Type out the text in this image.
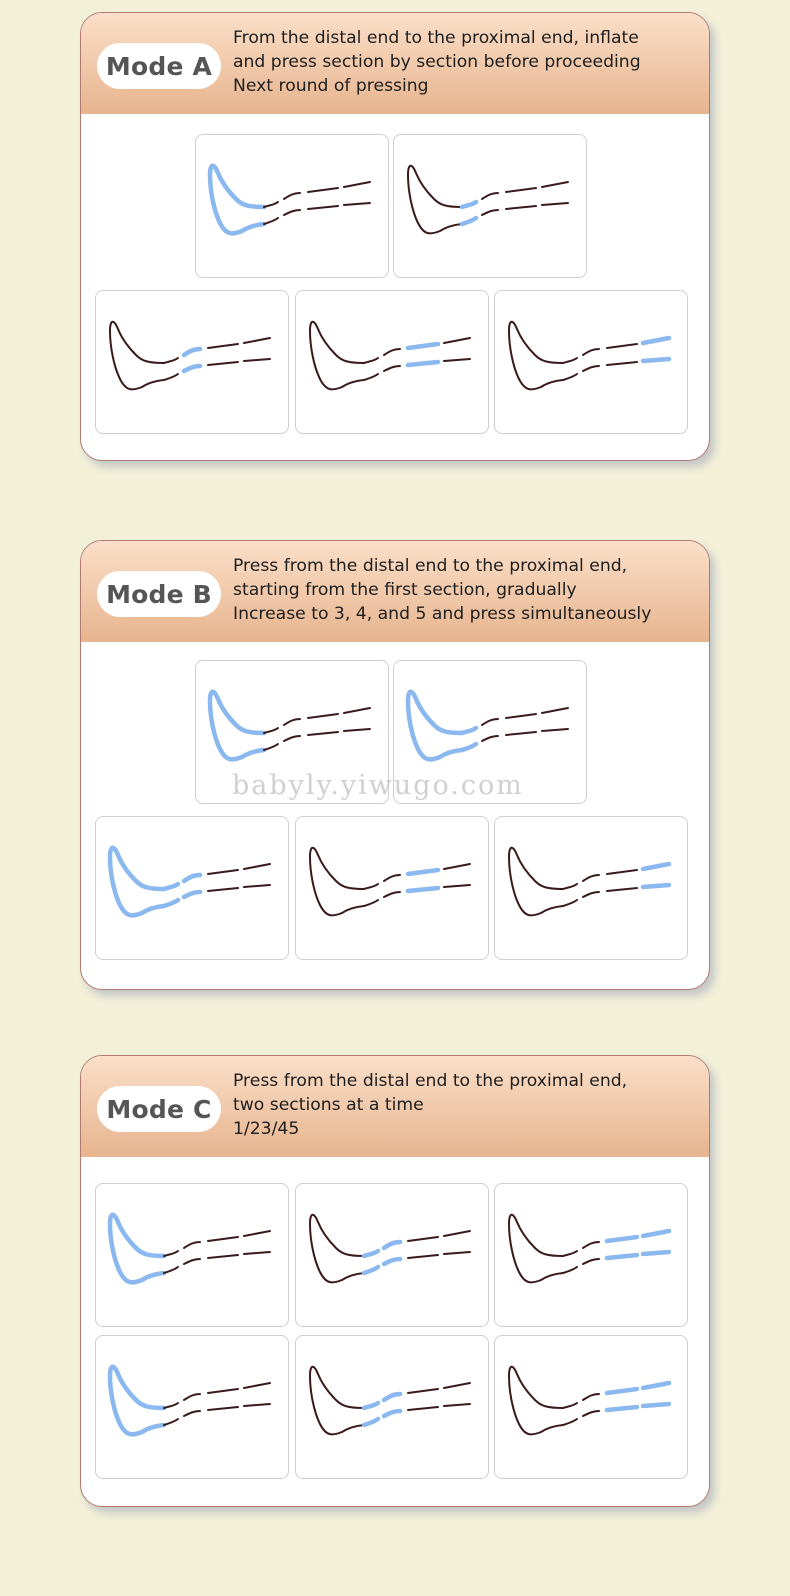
Mode A
From the distal end to the proximal end, inflate
and press section by section before proceeding
Next round of pressing
Mode B
Press from the distal end to the proximal end,
starting from the first section, gradually
Increase to 3, 4, and 5 and press simultaneously
Mode C
Press from the distal end to the proximal end,
two sections at a time
1/23/45
babyly.yiwugo.com
